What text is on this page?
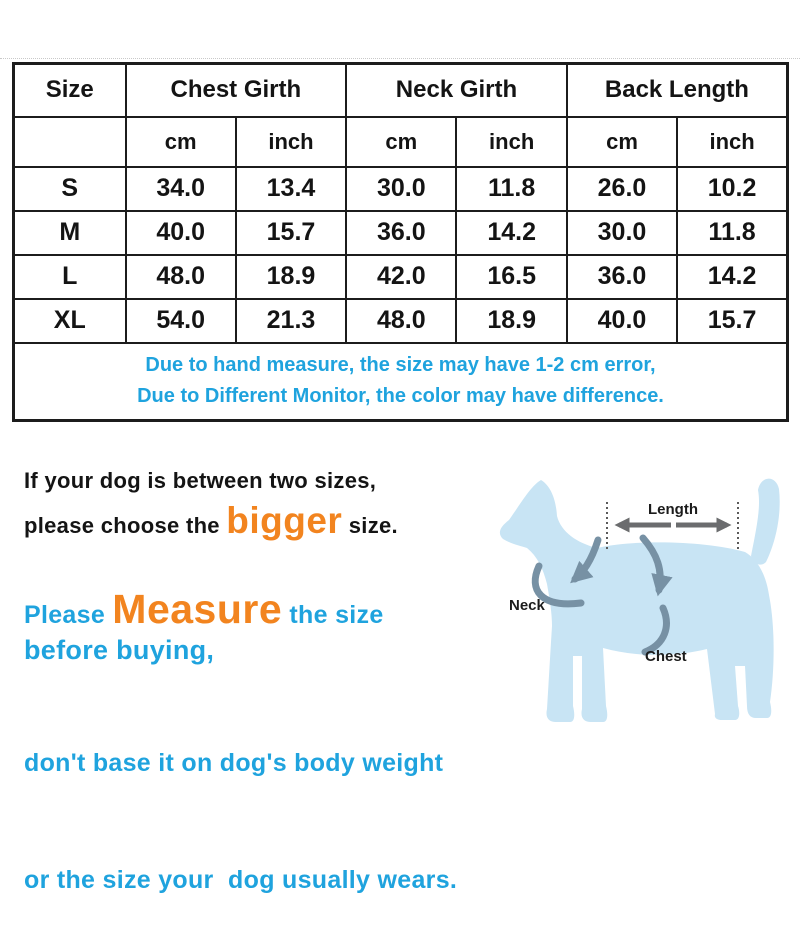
Size	Chest Girth		Neck Girth		Back Length	
	cm	inch	cm	inch	cm	inch
S	34.0	13.4	30.0	11.8	26.0	10.2
M	40.0	15.7	36.0	14.2	30.0	11.8
L	48.0	18.9	42.0	16.5	36.0	14.2
XL	54.0	21.3	48.0	18.9	40.0	15.7

Due to hand measure, the size may have 1-2 cm error,
Due to Different Monitor, the color may have difference.						
If your dog is between two sizes,
please choose the bigger size.
Please Measure the size
before buying,

don't base it on dog's body weight

or the size your  dog usually wears.

Length
Neck
Chest
